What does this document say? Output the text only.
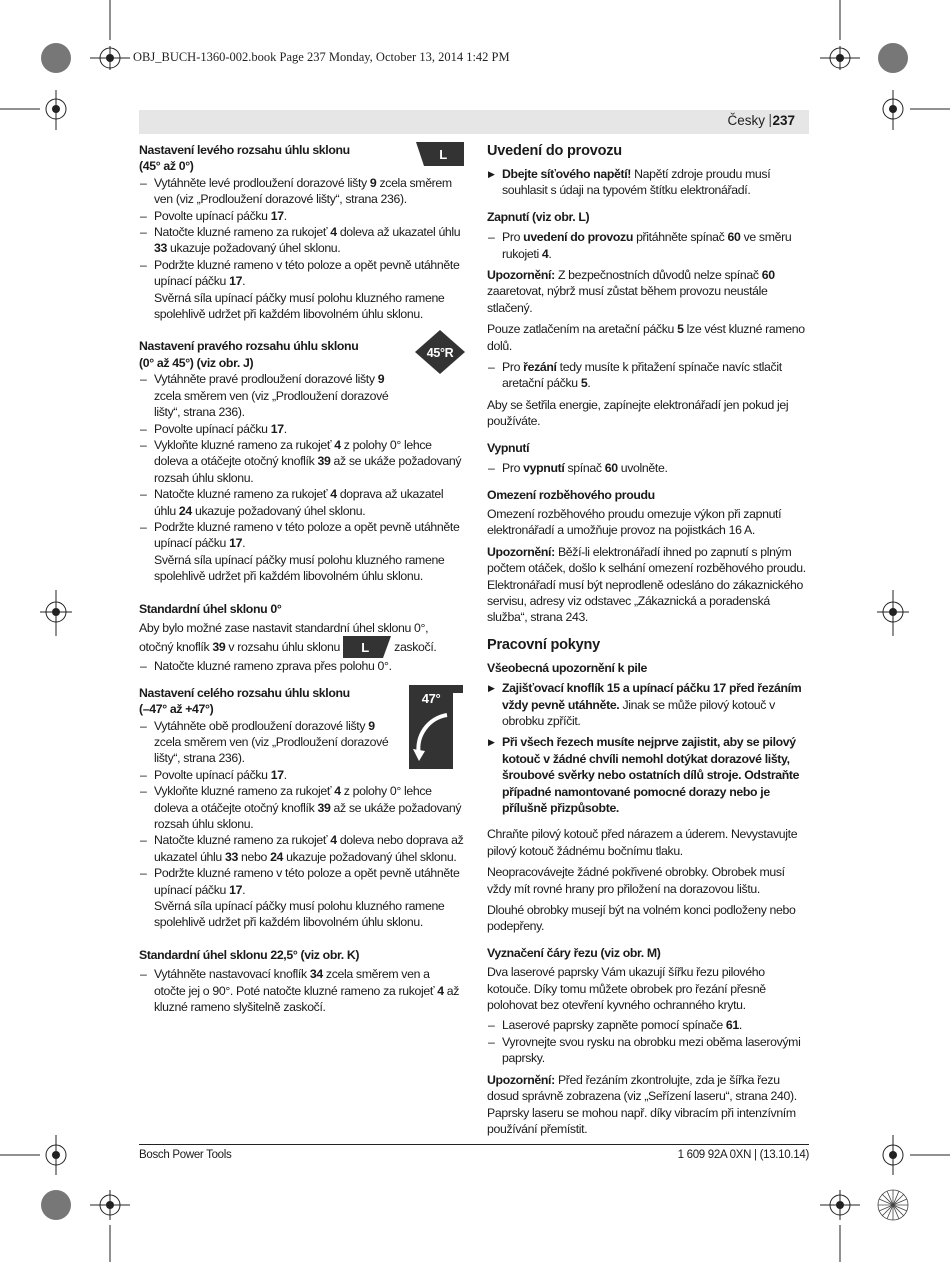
OBJ_BUCH-1360-002.book Page 237 Monday, October 13, 2014 1:42 PM
Česky | 237
L

Nastavení levého rozsahu úhlu sklonu

(45° až 0°)

– Vytáhněte levé prodloužení dorazové lišty 9 zcela směrem ven (viz „Prodloužení dorazové lišty“, strana 236).
– Povolte upínací páčku 17.
– Natočte kluzné rameno za rukojeť 4 doleva až ukazatel úhlu 33 ukazuje požadovaný úhel sklonu.
– Podržte kluzné rameno v této poloze a opět pevně utáhněte upínací páčku 17.

Svěrná síla upínací páčky musí polohu kluzného ramene spolehlivě udržet při každém libovolném úhlu sklonu.

45°R

Nastavení pravého rozsahu úhlu sklonu

(0° až 45°) (viz obr. J)

– Vytáhněte pravé prodloužení dorazové lišty 9 zcela směrem ven (viz „Prodloužení dorazové lišty“, strana 236).
– Povolte upínací páčku 17.
– Vykloňte kluzné rameno za rukojeť 4 z polohy 0° lehce doleva a otáčejte otočný knoflík 39 až se ukáže požadovaný rozsah úhlu sklonu.
– Natočte kluzné rameno za rukojeť 4 doprava až ukazatel úhlu 24 ukazuje požadovaný úhel sklonu.
– Podržte kluzné rameno v této poloze a opět pevně utáhněte upínací páčku 17.

Svěrná síla upínací páčky musí polohu kluzného ramene spolehlivě udržet při každém libovolném úhlu sklonu.

Standardní úhel sklonu 0°

Aby bylo možné zase nastavit standardní úhel sklonu 0°, otočný knoflík 39 v rozsahu úhlu sklonu L zaskočí.

– Natočte kluzné rameno zprava přes polohu 0°.
47°

Nastavení celého rozsahu úhlu sklonu

(–47° až +47°)

– Vytáhněte obě prodloužení dorazové lišty 9 zcela směrem ven (viz „Prodloužení dorazové lišty“, strana 236).
– Povolte upínací páčku 17.
– Vykloňte kluzné rameno za rukojeť 4 z polohy 0° lehce doleva a otáčejte otočný knoflík 39 až se ukáže požadovaný rozsah úhlu sklonu.
– Natočte kluzné rameno za rukojeť 4 doleva nebo doprava až ukazatel úhlu 33 nebo 24 ukazuje požadovaný úhel sklonu.
– Podržte kluzné rameno v této poloze a opět pevně utáhněte upínací páčku 17.

Svěrná síla upínací páčky musí polohu kluzného ramene spolehlivě udržet při každém libovolném úhlu sklonu.

Standardní úhel sklonu 22,5° (viz obr. K)

– Vytáhněte nastavovací knoflík 34 zcela směrem ven a otočte jej o 90°. Poté natočte kluzné rameno za rukojeť 4 až kluzné rameno slyšitelně zaskočí.

Uvedení do provozu

▶ Dbejte síťového napětí! Napětí zdroje proudu musí souhlasit s údaji na typovém štítku elektronářadí.

Zapnutí (viz obr. L)

– Pro uvedení do provozu přitáhněte spínač 60 ve směru rukojeti 4.

Upozornění: Z bezpečnostních důvodů nelze spínač 60 zaaretovat, nýbrž musí zůstat během provozu neustále stlačený.

Pouze zatlačením na aretační páčku 5 lze vést kluzné rameno dolů.

– Pro řezání tedy musíte k přitažení spínače navíc stlačit aretační páčku 5.

Aby se šetřila energie, zapínejte elektronářadí jen pokud jej používáte.

Vypnutí

– Pro vypnutí spínač 60 uvolněte.

Omezení rozběhového proudu

Omezení rozběhového proudu omezuje výkon při zapnutí elektronářadí a umožňuje provoz na pojistkách 16 A.

Upozornění: Běží-li elektronářadí ihned po zapnutí s plným počtem otáček, došlo k selhání omezení rozběhového proudu. Elektronářadí musí být neprodleně odesláno do zákaznického servisu, adresy viz odstavec „Zákaznická a poradenská služba“, strana 243.

Pracovní pokyny

Všeobecná upozornění k pile

▶ Zajišťovací knoflík 15 a upínací páčku 17 před řezáním vždy pevně utáhněte. Jinak se může pilový kotouč v obrobku zpříčit.
▶ Při všech řezech musíte nejprve zajistit, aby se pilový kotouč v žádné chvíli nemohl dotýkat dorazové lišty, šroubové svěrky nebo ostatních dílů stroje. Odstraňte případné namontované pomocné dorazy nebo je přílušně přizpůsobte.

Chraňte pilový kotouč před nárazem a úderem. Nevystavujte pilový kotouč žádnému bočnímu tlaku.

Neopracovávejte žádné pokřivené obrobky. Obrobek musí vždy mít rovné hrany pro přiložení na dorazovou lištu.

Dlouhé obrobky musejí být na volném konci podloženy nebo podepřeny.

Vyznačení čáry řezu (viz obr. M)

Dva laserové paprsky Vám ukazují šířku řezu pilového kotouče. Díky tomu můžete obrobek pro řezání přesně polohovat bez otevření kyvného ochranného krytu.

– Laserové paprsky zapněte pomocí spínače 61.
– Vyrovnejte svou rysku na obrobku mezi oběma laserovými paprsky.

Upozornění: Před řezáním zkontrolujte, zda je šířka řezu dosud správně zobrazena (viz „Seřízení laseru“, strana 240). Paprsky laseru se mohou např. díky vibracím při intenzívním používání přemístit.

Bosch Power Tools	1 609 92A 0XN | (13.10.14)
